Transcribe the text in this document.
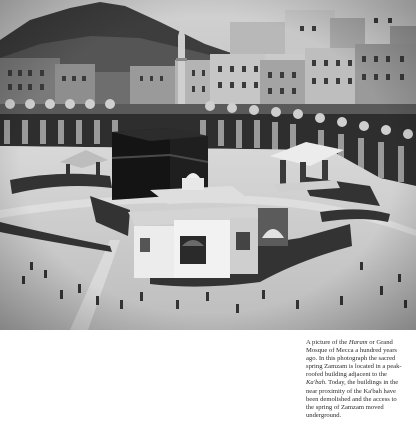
A picture of the Haram or Grand Mosque of Mecca a hundred years ago. In this photograph the sacred spring Zamzam is located in a peak-roofed building adjacent to the Ka'bah. Today, the buildings in the near proximity of the Ka'bah have been demolished and the access to the spring of Zamzam moved underground.
